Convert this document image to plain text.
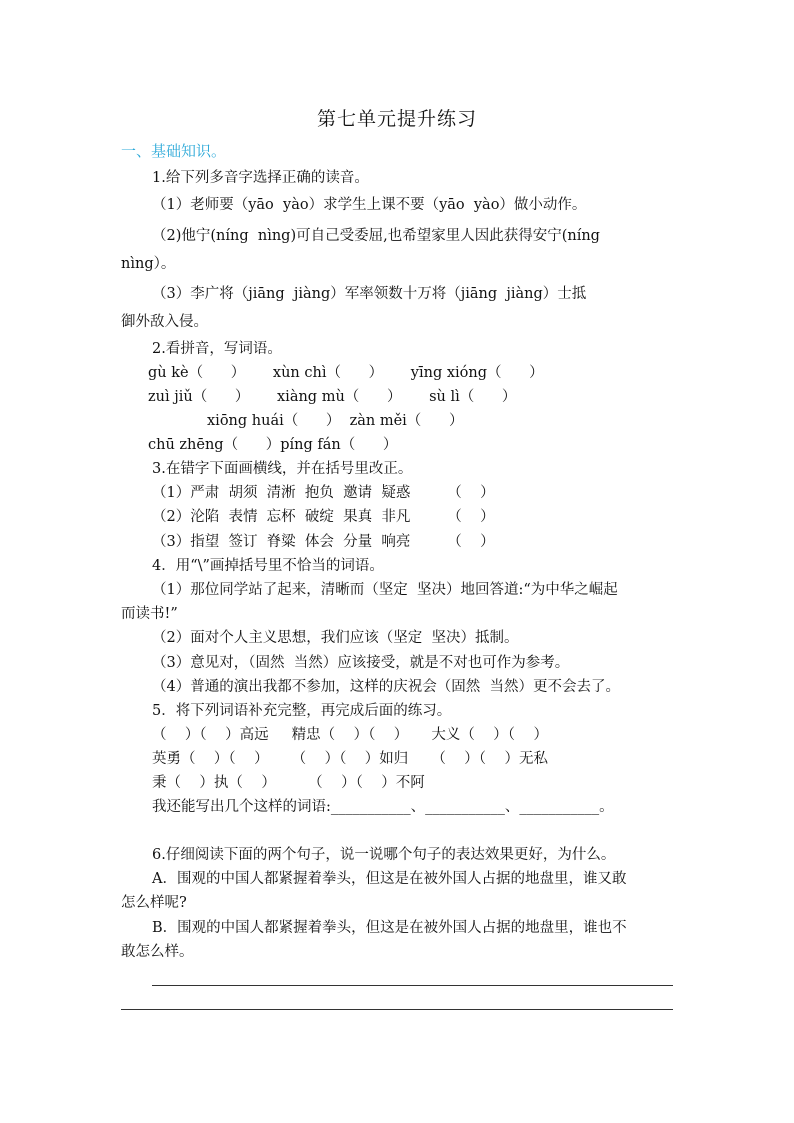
第七单元提升练习
一、基础知识。
1.给下列多音字选择正确的读音。
（1）老师要（yāo  yào）求学生上课不要（yāo  yào）做小动作。
（2)他宁(níng  nìng)可自己受委屈,也希望家里人因此获得安宁(níng
nìng）。
（3）李广将（jiāng  jiàng）军率领数十万将（jiāng  jiàng）士抵
御外敌入侵。
2.看拼音，写词语。
gù kè（      ）      xùn chì（      ）      yīng xióng（      ）
zuì jiǔ（      ）      xiàng mù（      ）      sù lì（      ）
xiōng huái（      ）  zàn měi（      ）
chū zhēng（      ）píng fán（      ）
3.在错字下面画横线，并在括号里改正。
（1）严肃  胡须  清淅  抱负  邀请  疑惑        （    ）
（2）沦陷  表情  忘杯  破绽  果真  非凡        （    ）
（3）指望  签订  脊粱  体会  分量  响亮        （    ）
4．用“\”画掉括号里不恰当的词语。
（1）那位同学站了起来，清晰而（坚定  坚决）地回答道:“为中华之崛起
而读书!”
（2）面对个人主义思想，我们应该（坚定  坚决）抵制。
（3）意见对，（固然  当然）应该接受，就是不对也可作为参考。
（4）普通的演出我都不参加，这样的庆祝会（固然  当然）更不会去了。
5．将下列词语补充完整，再完成后面的练习。
（    ）（    ）高远     精忠（    ）（    ）     大义（    ）（    ）
英勇（    ）（    ）     （    ）（    ）如归     （    ）（    ）无私
秉（    ）执（    ）       （    ）（    ）不阿
我还能写出几个这样的词语:___________、___________、___________。
6.仔细阅读下面的两个句子，说一说哪个句子的表达效果更好，为什么。
A．围观的中国人都紧握着拳头，但这是在被外国人占据的地盘里，谁又敢
怎么样呢?
B．围观的中国人都紧握着拳头，但这是在被外国人占据的地盘里，谁也不
敢怎么样。
